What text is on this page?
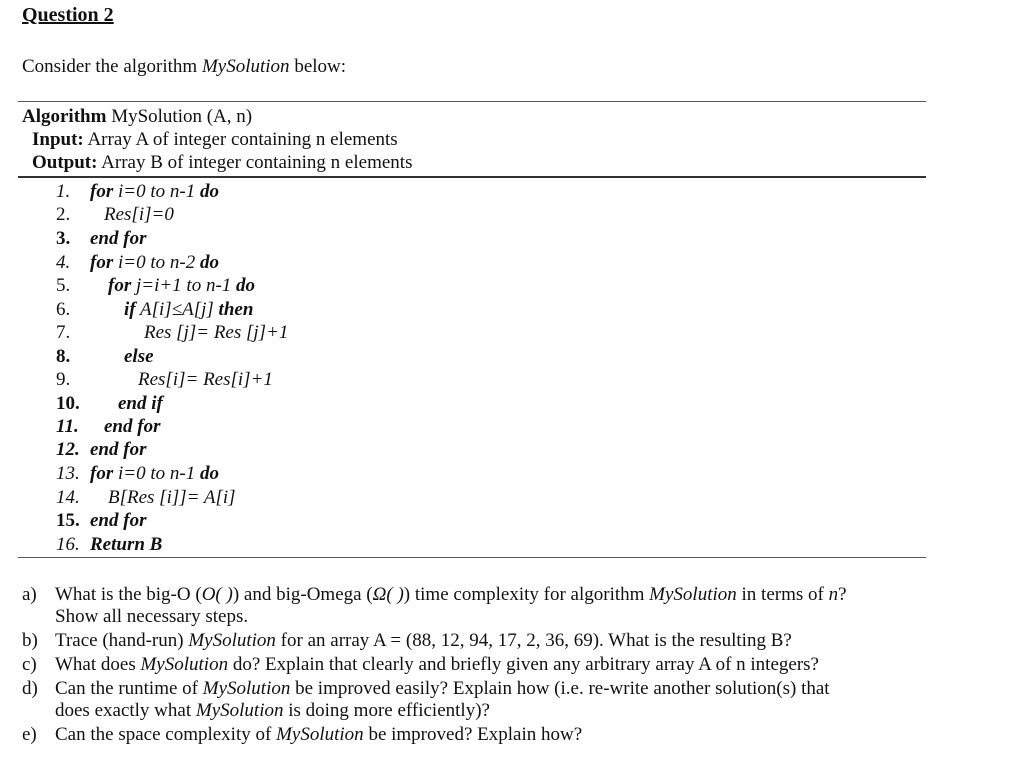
Question 2
Consider the algorithm MySolution below:
Algorithm MySolution (A, n)
Input: Array A of integer containing n elements
Output: Array B of integer containing n elements
1. for i=0 to n-1 do
2. Res[i]=0
3. end for
4. for i=0 to n-2 do
5. for j=i+1 to n-1 do
6.	if A[i]≤A[j] then
7.	Res [j]= Res [j]+1
8.	else
9.	Res[i]= Res[i]+1
10. end if
11. end for
12. end for
13. for i=0 to n-1 do
14. B[Res [i]]= A[i]
15. end for
16. Return B
a) What is the big-O (O( )) and big-Omega (Ω( )) time complexity for algorithm MySolution in terms of n?
Show all necessary steps.
b) Trace (hand-run) MySolution for an array A = (88, 12, 94, 17, 2, 36, 69). What is the resulting B?
c) What does MySolution do? Explain that clearly and briefly given any arbitrary array A of n integers?
d) Can the runtime of MySolution be improved easily? Explain how (i.e. re-write another solution(s) that
does exactly what MySolution is doing more efficiently)?
e) Can the space complexity of MySolution be improved? Explain how?
